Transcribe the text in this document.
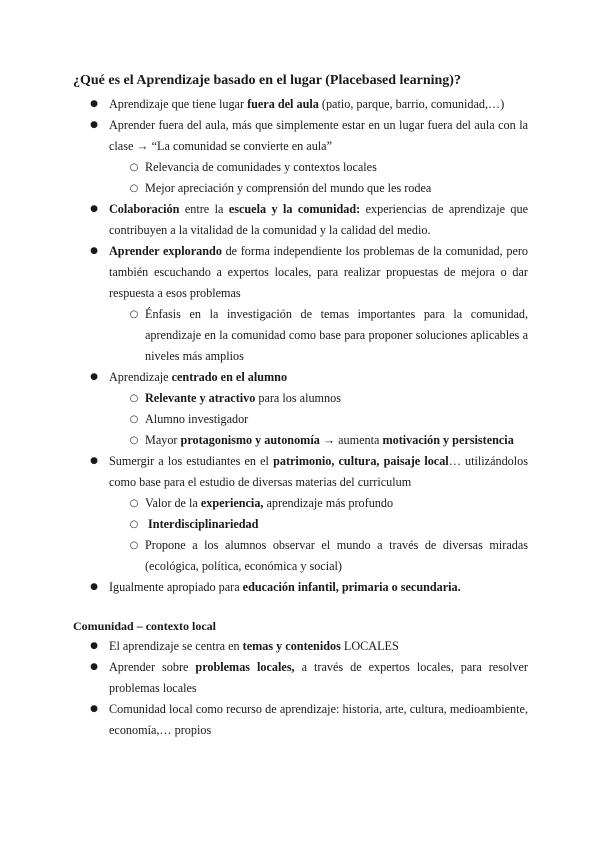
¿Qué es el Aprendizaje basado en el lugar (Placebased learning)?
● Aprendizaje que tiene lugar fuera del aula (patio, parque, barrio, comunidad,…)
● Aprender fuera del aula, más que simplemente estar en un lugar fuera del aula con la clase → “La comunidad se convierte en aula”
○ Relevancia de comunidades y contextos locales
○ Mejor apreciación y comprensión del mundo que les rodea
● Colaboración entre la escuela y la comunidad: experiencias de aprendizaje que contribuyen a la vitalidad de la comunidad y la calidad del medio.
● Aprender explorando de forma independiente los problemas de la comunidad, pero también escuchando a expertos locales, para realizar propuestas de mejora o dar respuesta a esos problemas
○ Énfasis en la investigación de temas importantes para la comunidad, aprendizaje en la comunidad como base para proponer soluciones aplicables a niveles más amplios
● Aprendizaje centrado en el alumno
○ Relevante y atractivo para los alumnos
○ Alumno investigador
○ Mayor protagonismo y autonomía → aumenta motivación y persistencia
● Sumergir a los estudiantes en el patrimonio, cultura, paisaje local… utilizándolos como base para el estudio de diversas materias del curriculum
○ Valor de la experiencia, aprendizaje más profundo
○ Interdisciplinariedad
○ Propone a los alumnos observar el mundo a través de diversas miradas (ecológica, política, económica y social)
● Igualmente apropiado para educación infantil, primaria o secundaria.
Comunidad – contexto local
● El aprendizaje se centra en temas y contenidos LOCALES
● Aprender sobre problemas locales, a través de expertos locales, para resolver problemas locales
● Comunidad local como recurso de aprendizaje: historia, arte, cultura, medioambiente, economía,… propios
